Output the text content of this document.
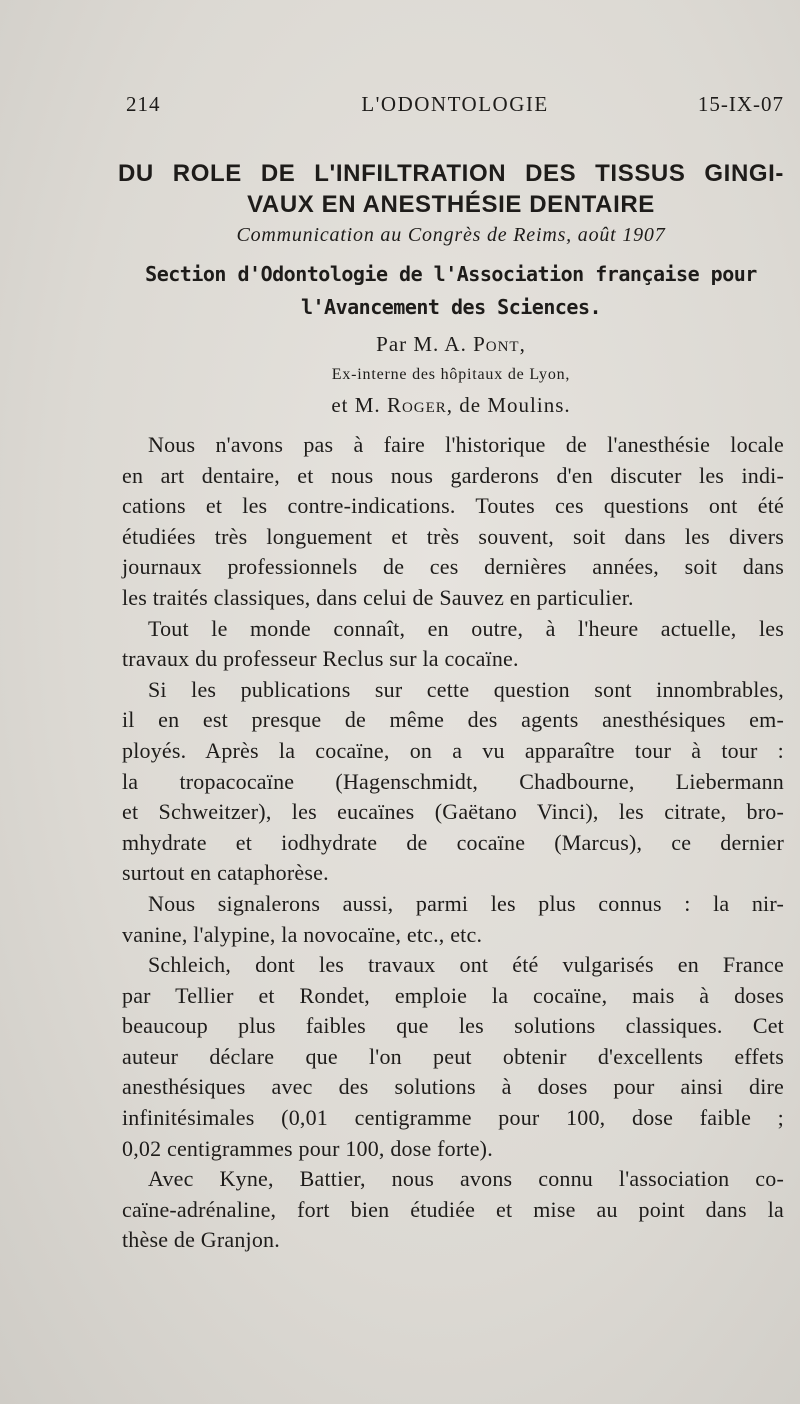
214	L'ODONTOLOGIE	15-IX-07
DU ROLE DE L'INFILTRATION DES TISSUS GINGI-
VAUX EN ANESTHÉSIE DENTAIRE
Communication au Congrès de Reims, août 1907
Section d'Odontologie de l'Association française pour
l'Avancement des Sciences.
Par M. A. Pont,
Ex-interne des hôpitaux de Lyon,
et M. Roger, de Moulins.
Nous n'avons pas à faire l'historique de l'anesthésie locale
en art dentaire, et nous nous garderons d'en discuter les indi-
cations et les contre-indications. Toutes ces questions ont été
étudiées très longuement et très souvent, soit dans les divers
journaux professionnels de ces dernières années, soit dans
les traités classiques, dans celui de Sauvez en particulier.
Tout le monde connaît, en outre, à l'heure actuelle, les
travaux du professeur Reclus sur la cocaïne.
Si les publications sur cette question sont innombrables,
il en est presque de même des agents anesthésiques em-
ployés. Après la cocaïne, on a vu apparaître tour à tour :
la tropacocaïne (Hagenschmidt, Chadbourne, Liebermann
et Schweitzer), les eucaïnes (Gaëtano Vinci), les citrate, bro-
mhydrate et iodhydrate de cocaïne (Marcus), ce dernier
surtout en cataphorèse.
Nous signalerons aussi, parmi les plus connus : la nir-
vanine, l'alypine, la novocaïne, etc., etc.
Schleich, dont les travaux ont été vulgarisés en France
par Tellier et Rondet, emploie la cocaïne, mais à doses
beaucoup plus faibles que les solutions classiques. Cet
auteur déclare que l'on peut obtenir d'excellents effets
anesthésiques avec des solutions à doses pour ainsi dire
infinitésimales (0,01 centigramme pour 100, dose faible ;
0,02 centigrammes pour 100, dose forte).
Avec Kyne, Battier, nous avons connu l'association co-
caïne-adrénaline, fort bien étudiée et mise au point dans la
thèse de Granjon.
